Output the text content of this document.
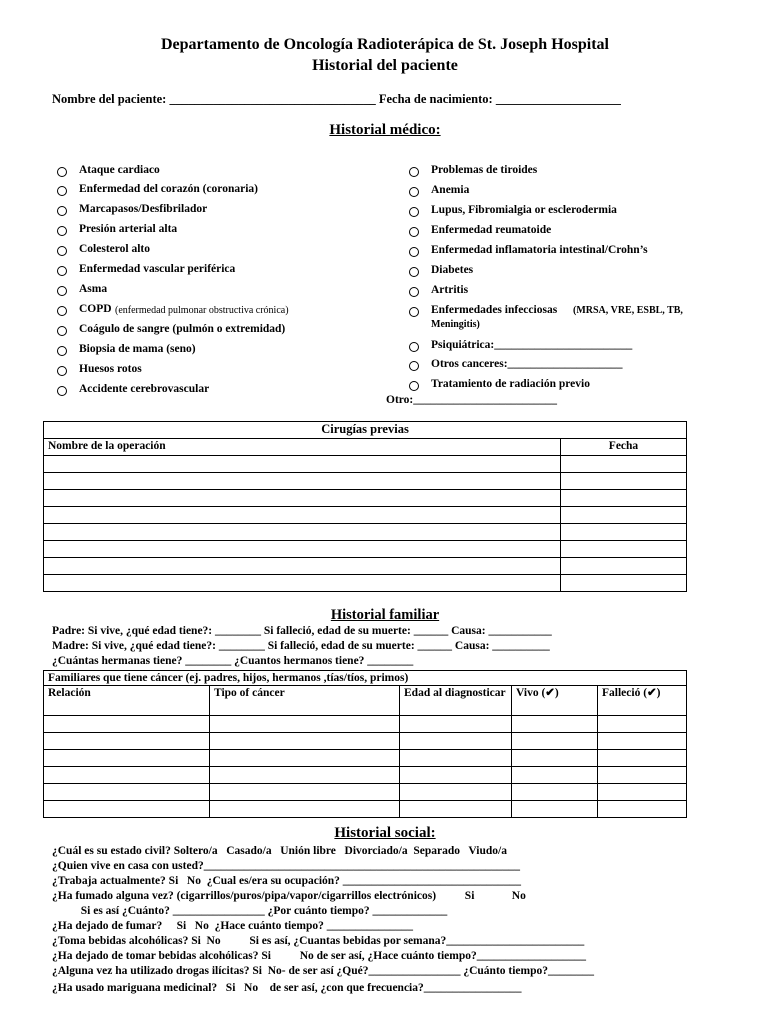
Departamento de Oncología Radioterápica de St. Joseph Hospital
Historial del paciente
Nombre del paciente: _________________________________ Fecha de nacimiento: ____________________
Historial médico:
Ataque cardiaco
Enfermedad del corazón (coronaria)
Marcapasos/Desfibrilador
Presión arterial alta
Colesterol alto
Enfermedad vascular periférica
Asma
COPD (enfermedad pulmonar obstructiva crónica)
Coágulo de sangre (pulmón o extremidad)
Biopsia de mama (seno)
Huesos rotos
Accidente cerebrovascular
Problemas de tiroides
Anemia
Lupus, Fibromialgia or esclerodermia
Enfermedad reumatoide
Enfermedad inflamatoria intestinal/Crohn’s
Diabetes
Artritis
Enfermedades infecciosas (MRSA, VRE, ESBL, TB,
Meningitis)
Psiquiátrica:________________________
Otros canceres:____________________
Tratamiento de radiación previo
Otro:_________________________
Cirugías previas	
Nombre de la operación	Fecha

Historial familiar
Padre: Si vive, ¿qué edad tiene?: ________ Si falleció, edad de su muerte: ______ Causa: ___________
Madre: Si vive, ¿qué edad tiene?: ________ Si falleció, edad de su muerte: ______ Causa: __________
¿Cuántas hermanas tiene? ________ ¿Cuantos hermanos tiene? ________
Familiares que tiene cáncer (ej. padres, hijos, hermanos ,tías/tíos, primos)				
Relación	Tipo of cáncer	Edad al diagnosticar	Vivo (✔)	Falleció (✔)

Historial social:
¿Cuál es su estado civil? Soltero/a   Casado/a   Unión libre   Divorciado/a  Separado   Viudo/a
¿Quien vive en casa con usted?_______________________________________________________
¿Trabaja actualmente? Si   No  ¿Cual es/era su ocupación? _______________________________
¿Ha fumado alguna vez? (cigarrillos/puros/pipa/vapor/cigarrillos electrónicos)          Si             No
Si es así ¿Cuánto? ________________ ¿Por cuánto tiempo? _____________
¿Ha dejado de fumar?     Si   No  ¿Hace cuánto tiempo? _______________
¿Toma bebidas alcohólicas? Si  No          Si es así, ¿Cuantas bebidas por semana?________________________
¿Ha dejado de tomar bebidas alcohólicas? Si          No de ser así, ¿Hace cuánto tiempo?___________________
¿Alguna vez ha utilizado drogas ilícitas? Si  No- de ser así ¿Qué?________________ ¿Cuánto tiempo?________
¿Ha usado mariguana medicinal?   Si   No    de ser así, ¿con que frecuencia?_________________
